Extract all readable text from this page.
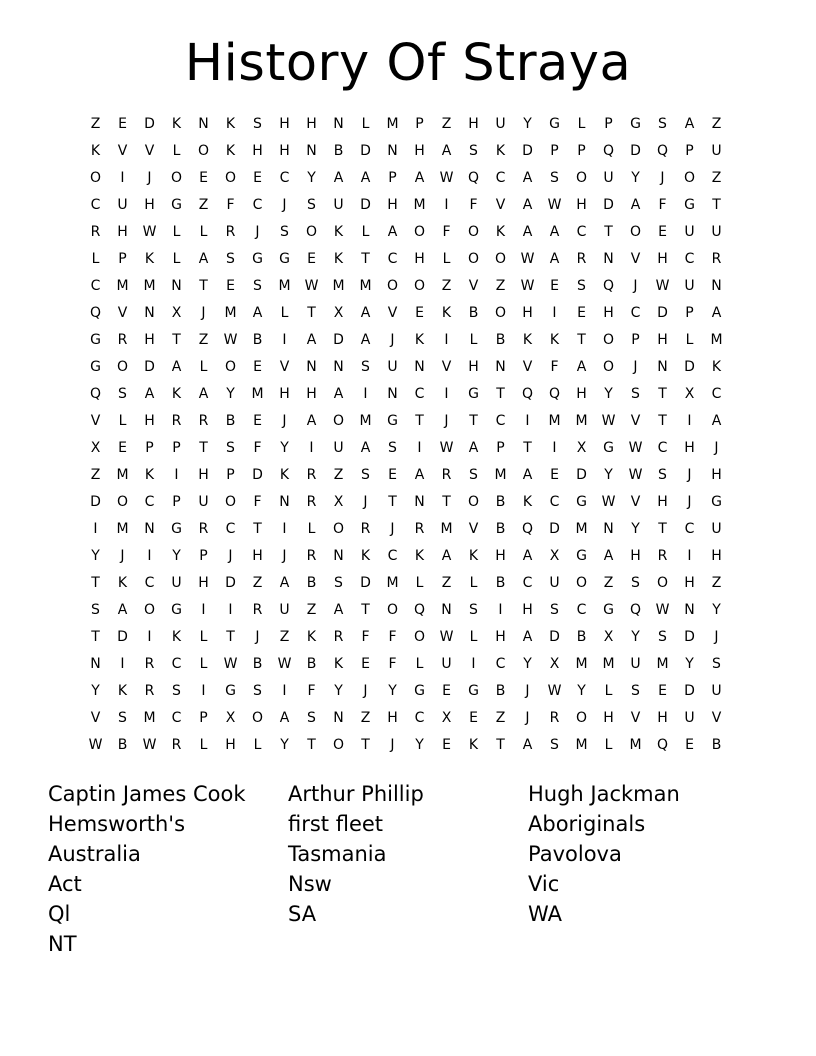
History Of Straya
Z	E	D	K	N	K	S	H	H	N	L	M	P	Z	H	U	Y	G	L	P	G	S	A	Z
K	V	V	L	O	K	H	H	N	B	D	N	H	A	S	K	D	P	P	Q	D	Q	P	U
O	I	J	O	E	O	E	C	Y	A	A	P	A	W	Q	C	A	S	O	U	Y	J	O	Z
C	U	H	G	Z	F	C	J	S	U	D	H	M	I	F	V	A	W	H	D	A	F	G	T
R	H	W	L	L	R	J	S	O	K	L	A	O	F	O	K	A	A	C	T	O	E	U	U
L	P	K	L	A	S	G	G	E	K	T	C	H	L	O	O	W	A	R	N	V	H	C	R
C	M	M	N	T	E	S	M	W	M	M	O	O	Z	V	Z	W	E	S	Q	J	W	U	N
Q	V	N	X	J	M	A	L	T	X	A	V	E	K	B	O	H	I	E	H	C	D	P	A
G	R	H	T	Z	W	B	I	A	D	A	J	K	I	L	B	K	K	T	O	P	H	L	M
G	O	D	A	L	O	E	V	N	N	S	U	N	V	H	N	V	F	A	O	J	N	D	K
Q	S	A	K	A	Y	M	H	H	A	I	N	C	I	G	T	Q	Q	H	Y	S	T	X	C
V	L	H	R	R	B	E	J	A	O	M	G	T	J	T	C	I	M	M	W	V	T	I	A
X	E	P	P	T	S	F	Y	I	U	A	S	I	W	A	P	T	I	X	G	W	C	H	J
Z	M	K	I	H	P	D	K	R	Z	S	E	A	R	S	M	A	E	D	Y	W	S	J	H
D	O	C	P	U	O	F	N	R	X	J	T	N	T	O	B	K	C	G	W	V	H	J	G
I	M	N	G	R	C	T	I	L	O	R	J	R	M	V	B	Q	D	M	N	Y	T	C	U
Y	J	I	Y	P	J	H	J	R	N	K	C	K	A	K	H	A	X	G	A	H	R	I	H
T	K	C	U	H	D	Z	A	B	S	D	M	L	Z	L	B	C	U	O	Z	S	O	H	Z
S	A	O	G	I	I	R	U	Z	A	T	O	Q	N	S	I	H	S	C	G	Q	W	N	Y
T	D	I	K	L	T	J	Z	K	R	F	F	O	W	L	H	A	D	B	X	Y	S	D	J
N	I	R	C	L	W	B	W	B	K	E	F	L	U	I	C	Y	X	M	M	U	M	Y	S
Y	K	R	S	I	G	S	I	F	Y	J	Y	G	E	G	B	J	W	Y	L	S	E	D	U
V	S	M	C	P	X	O	A	S	N	Z	H	C	X	E	Z	J	R	O	H	V	H	U	V
W	B	W	R	L	H	L	Y	T	O	T	J	Y	E	K	T	A	S	M	L	M	Q	E	B
Captin James Cook	Arthur Phillip	Hugh Jackman
Hemsworth's	first fleet	Aboriginals
Australia	Tasmania	Pavolova
Act	Nsw	Vic
Ql	SA	WA
NT
